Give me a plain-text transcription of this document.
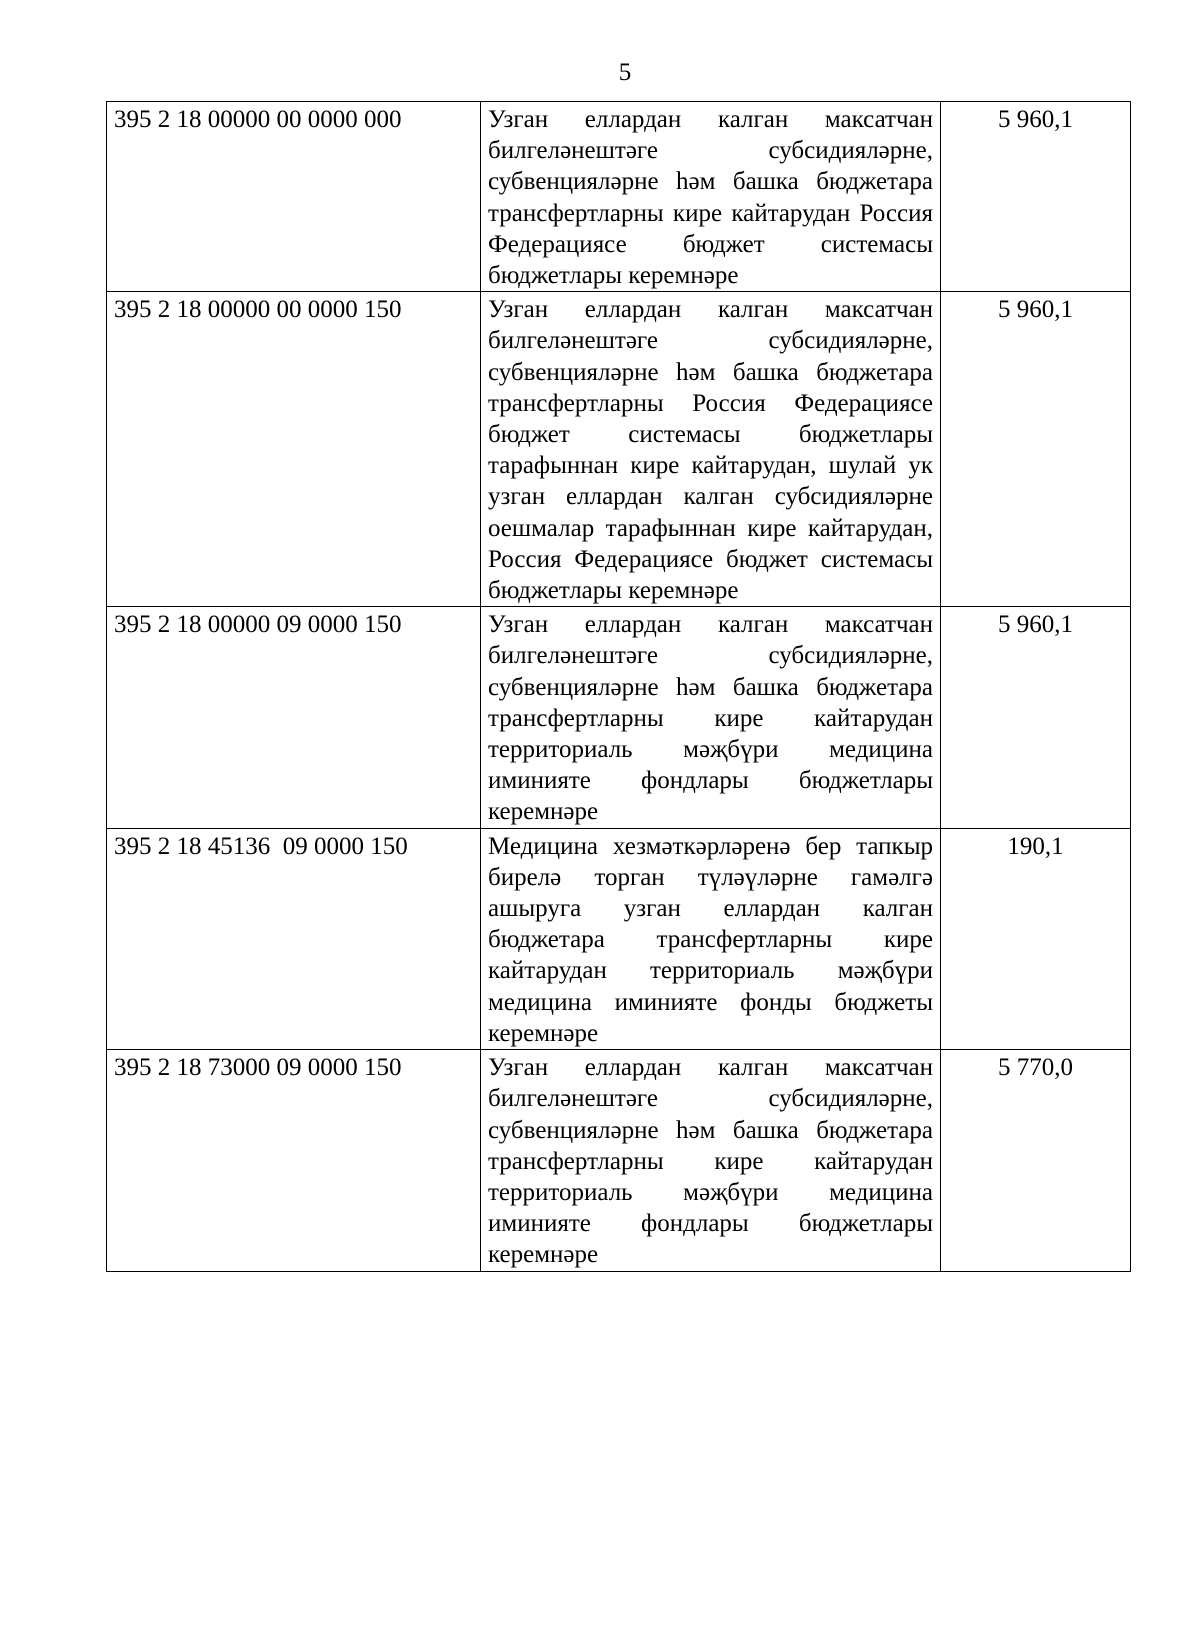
5
395 2 18 00000 00 0000 000	Узган еллардан калган максатчан билгеләнештәге субсидияләрне, субвенцияләрне һәм башка бюджетара трансфертларны кире кайтарудан Россия Федерациясе бюджет системасы бюджетлары керемнәре	5 960,1
395 2 18 00000 00 0000 150	Узган еллардан калган максатчан билгеләнештәге субсидияләрне, субвенцияләрне һәм башка бюджетара трансфертларны Россия Федерациясе бюджет системасы бюджетлары тарафыннан кире кайтарудан, шулай ук узган еллардан калган субсидияләрне оешмалар тарафыннан кире кайтарудан, Россия Федерациясе бюджет системасы бюджетлары керемнәре	5 960,1
395 2 18 00000 09 0000 150	Узган еллардан калган максатчан билгеләнештәге субсидияләрне, субвенцияләрне һәм башка бюджетара трансфертларны кире кайтарудан территориаль мәҗбүри медицина иминияте фондлары бюджетлары керемнәре	5 960,1
395 2 18 45136  09 0000 150	Медицина хезмәткәрләренә бер тапкыр бирелә торган түләүләрне гамәлгә ашыруга узган еллардан калган бюджетара трансфертларны кире кайтарудан территориаль мәҗбүри медицина иминияте фонды бюджеты керемнәре	190,1
395 2 18 73000 09 0000 150	Узган еллардан калган максатчан билгеләнештәге субсидияләрне, субвенцияләрне һәм башка бюджетара трансфертларны кире кайтарудан территориаль мәҗбүри медицина иминияте фондлары бюджетлары керемнәре	5 770,0
